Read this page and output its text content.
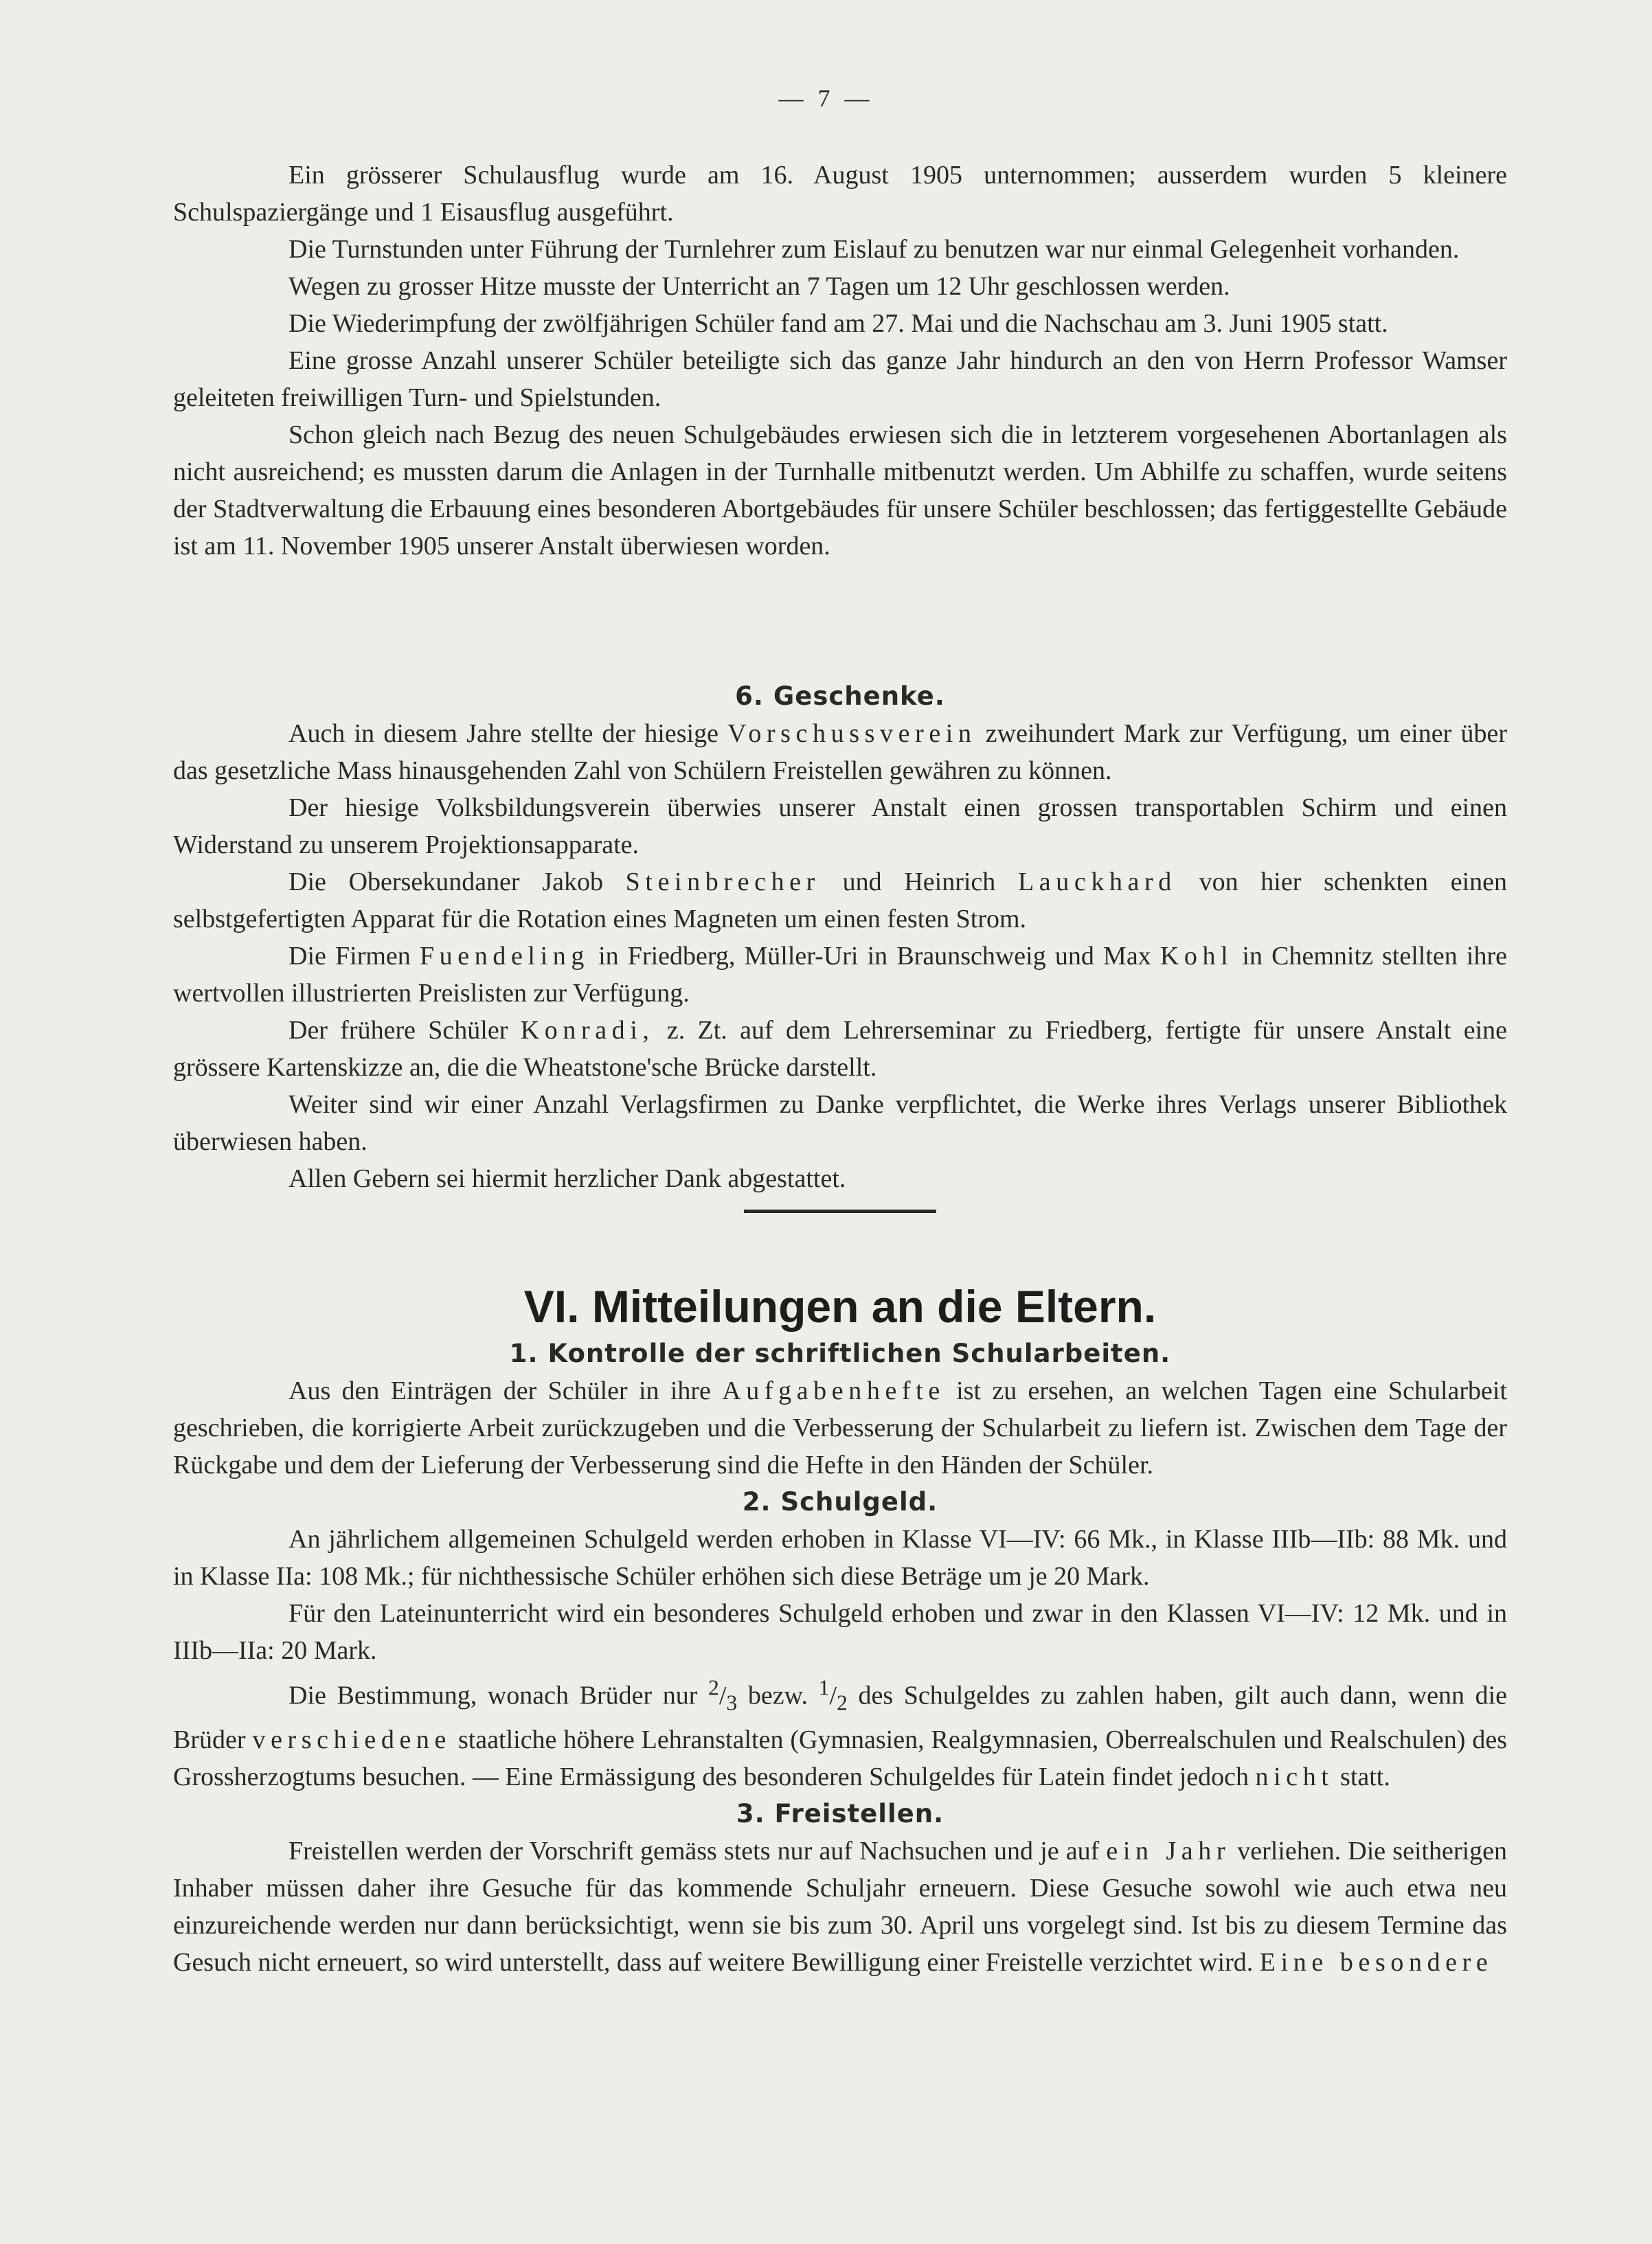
— 7 —

Ein grösserer Schulausflug wurde am 16. August 1905 unternommen; ausserdem wurden 5 kleinere Schulspaziergänge und 1 Eisausflug ausgeführt.

Die Turnstunden unter Führung der Turnlehrer zum Eislauf zu benutzen war nur einmal Gelegenheit vorhanden.

Wegen zu grosser Hitze musste der Unterricht an 7 Tagen um 12 Uhr geschlossen werden.

Die Wiederimpfung der zwölfjährigen Schüler fand am 27. Mai und die Nachschau am 3. Juni 1905 statt.

Eine grosse Anzahl unserer Schüler beteiligte sich das ganze Jahr hindurch an den von Herrn Professor Wamser geleiteten freiwilligen Turn- und Spielstunden.

Schon gleich nach Bezug des neuen Schulgebäudes erwiesen sich die in letzterem vorgesehenen Abortanlagen als nicht ausreichend; es mussten darum die Anlagen in der Turnhalle mitbenutzt werden. Um Abhilfe zu schaffen, wurde seitens der Stadtverwaltung die Erbauung eines besonderen Abortgebäudes für unsere Schüler beschlossen; das fertiggestellte Gebäude ist am 11. November 1905 unserer Anstalt überwiesen worden.

6. Geschenke.

Auch in diesem Jahre stellte der hiesige Vorschussverein zweihundert Mark zur Verfügung, um einer über das gesetzliche Mass hinausgehenden Zahl von Schülern Freistellen gewähren zu können.

Der hiesige Volksbildungsverein überwies unserer Anstalt einen grossen transportablen Schirm und einen Widerstand zu unserem Projektionsapparate.

Die Obersekundaner Jakob Steinbrecher und Heinrich Lauckhard von hier schenkten einen selbstgefertigten Apparat für die Rotation eines Magneten um einen festen Strom.

Die Firmen Fuendeling in Friedberg, Müller-Uri in Braunschweig und Max Kohl in Chemnitz stellten ihre wertvollen illustrierten Preislisten zur Verfügung.

Der frühere Schüler Konradi, z. Zt. auf dem Lehrerseminar zu Friedberg, fertigte für unsere Anstalt eine grössere Kartenskizze an, die die Wheatstone'sche Brücke darstellt.

Weiter sind wir einer Anzahl Verlagsfirmen zu Danke verpflichtet, die Werke ihres Verlags unserer Bibliothek überwiesen haben.

Allen Gebern sei hiermit herzlicher Dank abgestattet.

VI. Mitteilungen an die Eltern.
1. Kontrolle der schriftlichen Schularbeiten.

Aus den Einträgen der Schüler in ihre Aufgabenhefte ist zu ersehen, an welchen Tagen eine Schularbeit geschrieben, die korrigierte Arbeit zurückzugeben und die Verbesserung der Schularbeit zu liefern ist. Zwischen dem Tage der Rückgabe und dem der Lieferung der Verbesserung sind die Hefte in den Händen der Schüler.

2. Schulgeld.

An jährlichem allgemeinen Schulgeld werden erhoben in Klasse VI—IV: 66 Mk., in Klasse IIIb—IIb: 88 Mk. und in Klasse IIa: 108 Mk.; für nichthessische Schüler erhöhen sich diese Beträge um je 20 Mark.

Für den Lateinunterricht wird ein besonderes Schulgeld erhoben und zwar in den Klassen VI—IV: 12 Mk. und in IIIb—IIa: 20 Mark.

Die Bestimmung, wonach Brüder nur $^2/_3$ bezw. $^1/_2$ des Schulgeldes zu zahlen haben, gilt auch dann, wenn die Brüder verschiedene staatliche höhere Lehranstalten (Gymnasien, Realgymnasien, Oberrealschulen und Realschulen) des Grossherzogtums besuchen. — Eine Ermässigung des besonderen Schulgeldes für Latein findet jedoch nicht statt.

3. Freistellen.

Freistellen werden der Vorschrift gemäss stets nur auf Nachsuchen und je auf ein Jahr verliehen. Die seitherigen Inhaber müssen daher ihre Gesuche für das kommende Schuljahr erneuern. Diese Gesuche sowohl wie auch etwa neu einzureichende werden nur dann berücksichtigt, wenn sie bis zum 30. April uns vorgelegt sind. Ist bis zu diesem Termine das Gesuch nicht erneuert, so wird unterstellt, dass auf weitere Bewilligung einer Freistelle verzichtet wird. Eine besondere
